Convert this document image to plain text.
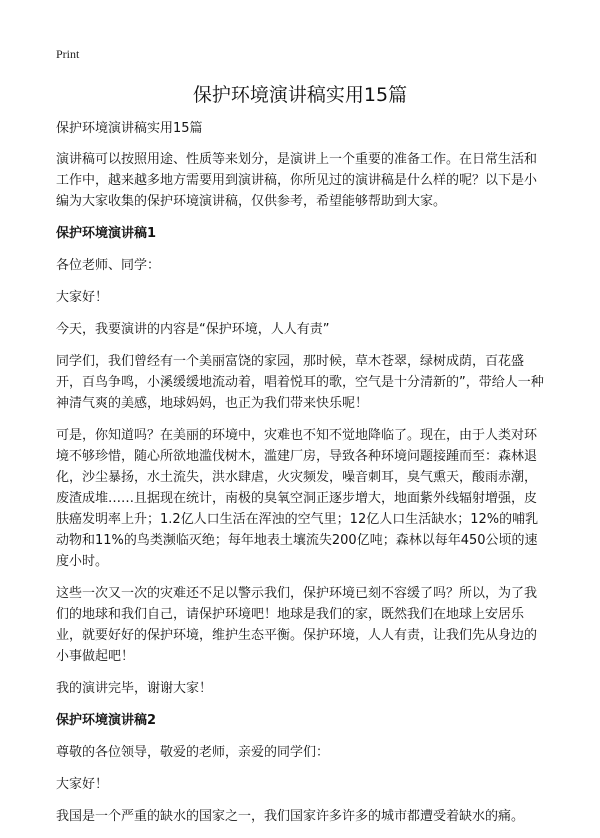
Print
保护环境演讲稿实用15篇

保护环境演讲稿实用15篇

演讲稿可以按照用途、性质等来划分，是演讲上一个重要的准备工作。在日常生活和工作中，越来越多地方需要用到演讲稿，你所见过的演讲稿是什么样的呢？以下是小编为大家收集的保护环境演讲稿，仅供参考，希望能够帮助到大家。

保护环境演讲稿1

各位老师、同学：

大家好！

今天，我要演讲的内容是“保护环境，人人有责”

同学们，我们曾经有一个美丽富饶的家园，那时候，草木苍翠，绿树成荫，百花盛开，百鸟争鸣，小溪缓缓地流动着，唱着悦耳的歌，空气是十分清新的”，带给人一种神清气爽的美感，地球妈妈，也正为我们带来快乐呢！

可是，你知道吗？在美丽的环境中，灾难也不知不觉地降临了。现在，由于人类对环境不够珍惜，随心所欲地滥伐树木，滥建厂房，导致各种环境问题接踵而至：森林退化，沙尘暴扬，水土流失，洪水肆虐，火灾频发，噪音刺耳，臭气熏天，酸雨赤潮，废渣成堆……且据现在统计，南极的臭氧空洞正逐步增大，地面紫外线辐射增强，皮肤癌发明率上升；1.2亿人口生活在浑浊的空气里；12亿人口生活缺水；12%的哺乳动物和11%的鸟类濒临灭绝；每年地表土壤流失200亿吨；森林以每年450公顷的速度小时。

这些一次又一次的灾难还不足以警示我们，保护环境已刻不容缓了吗？所以，为了我们的地球和我们自己，请保护环境吧！地球是我们的家，既然我们在地球上安居乐业，就要好好的保护环境，维护生态平衡。保护环境，人人有责，让我们先从身边的小事做起吧！

我的演讲完毕，谢谢大家！

保护环境演讲稿2

尊敬的各位领导，敬爱的老师，亲爱的同学们：

大家好！

我国是一个严重的缺水的国家之一，我们国家许多许多的城市都遭受着缺水的痛。
